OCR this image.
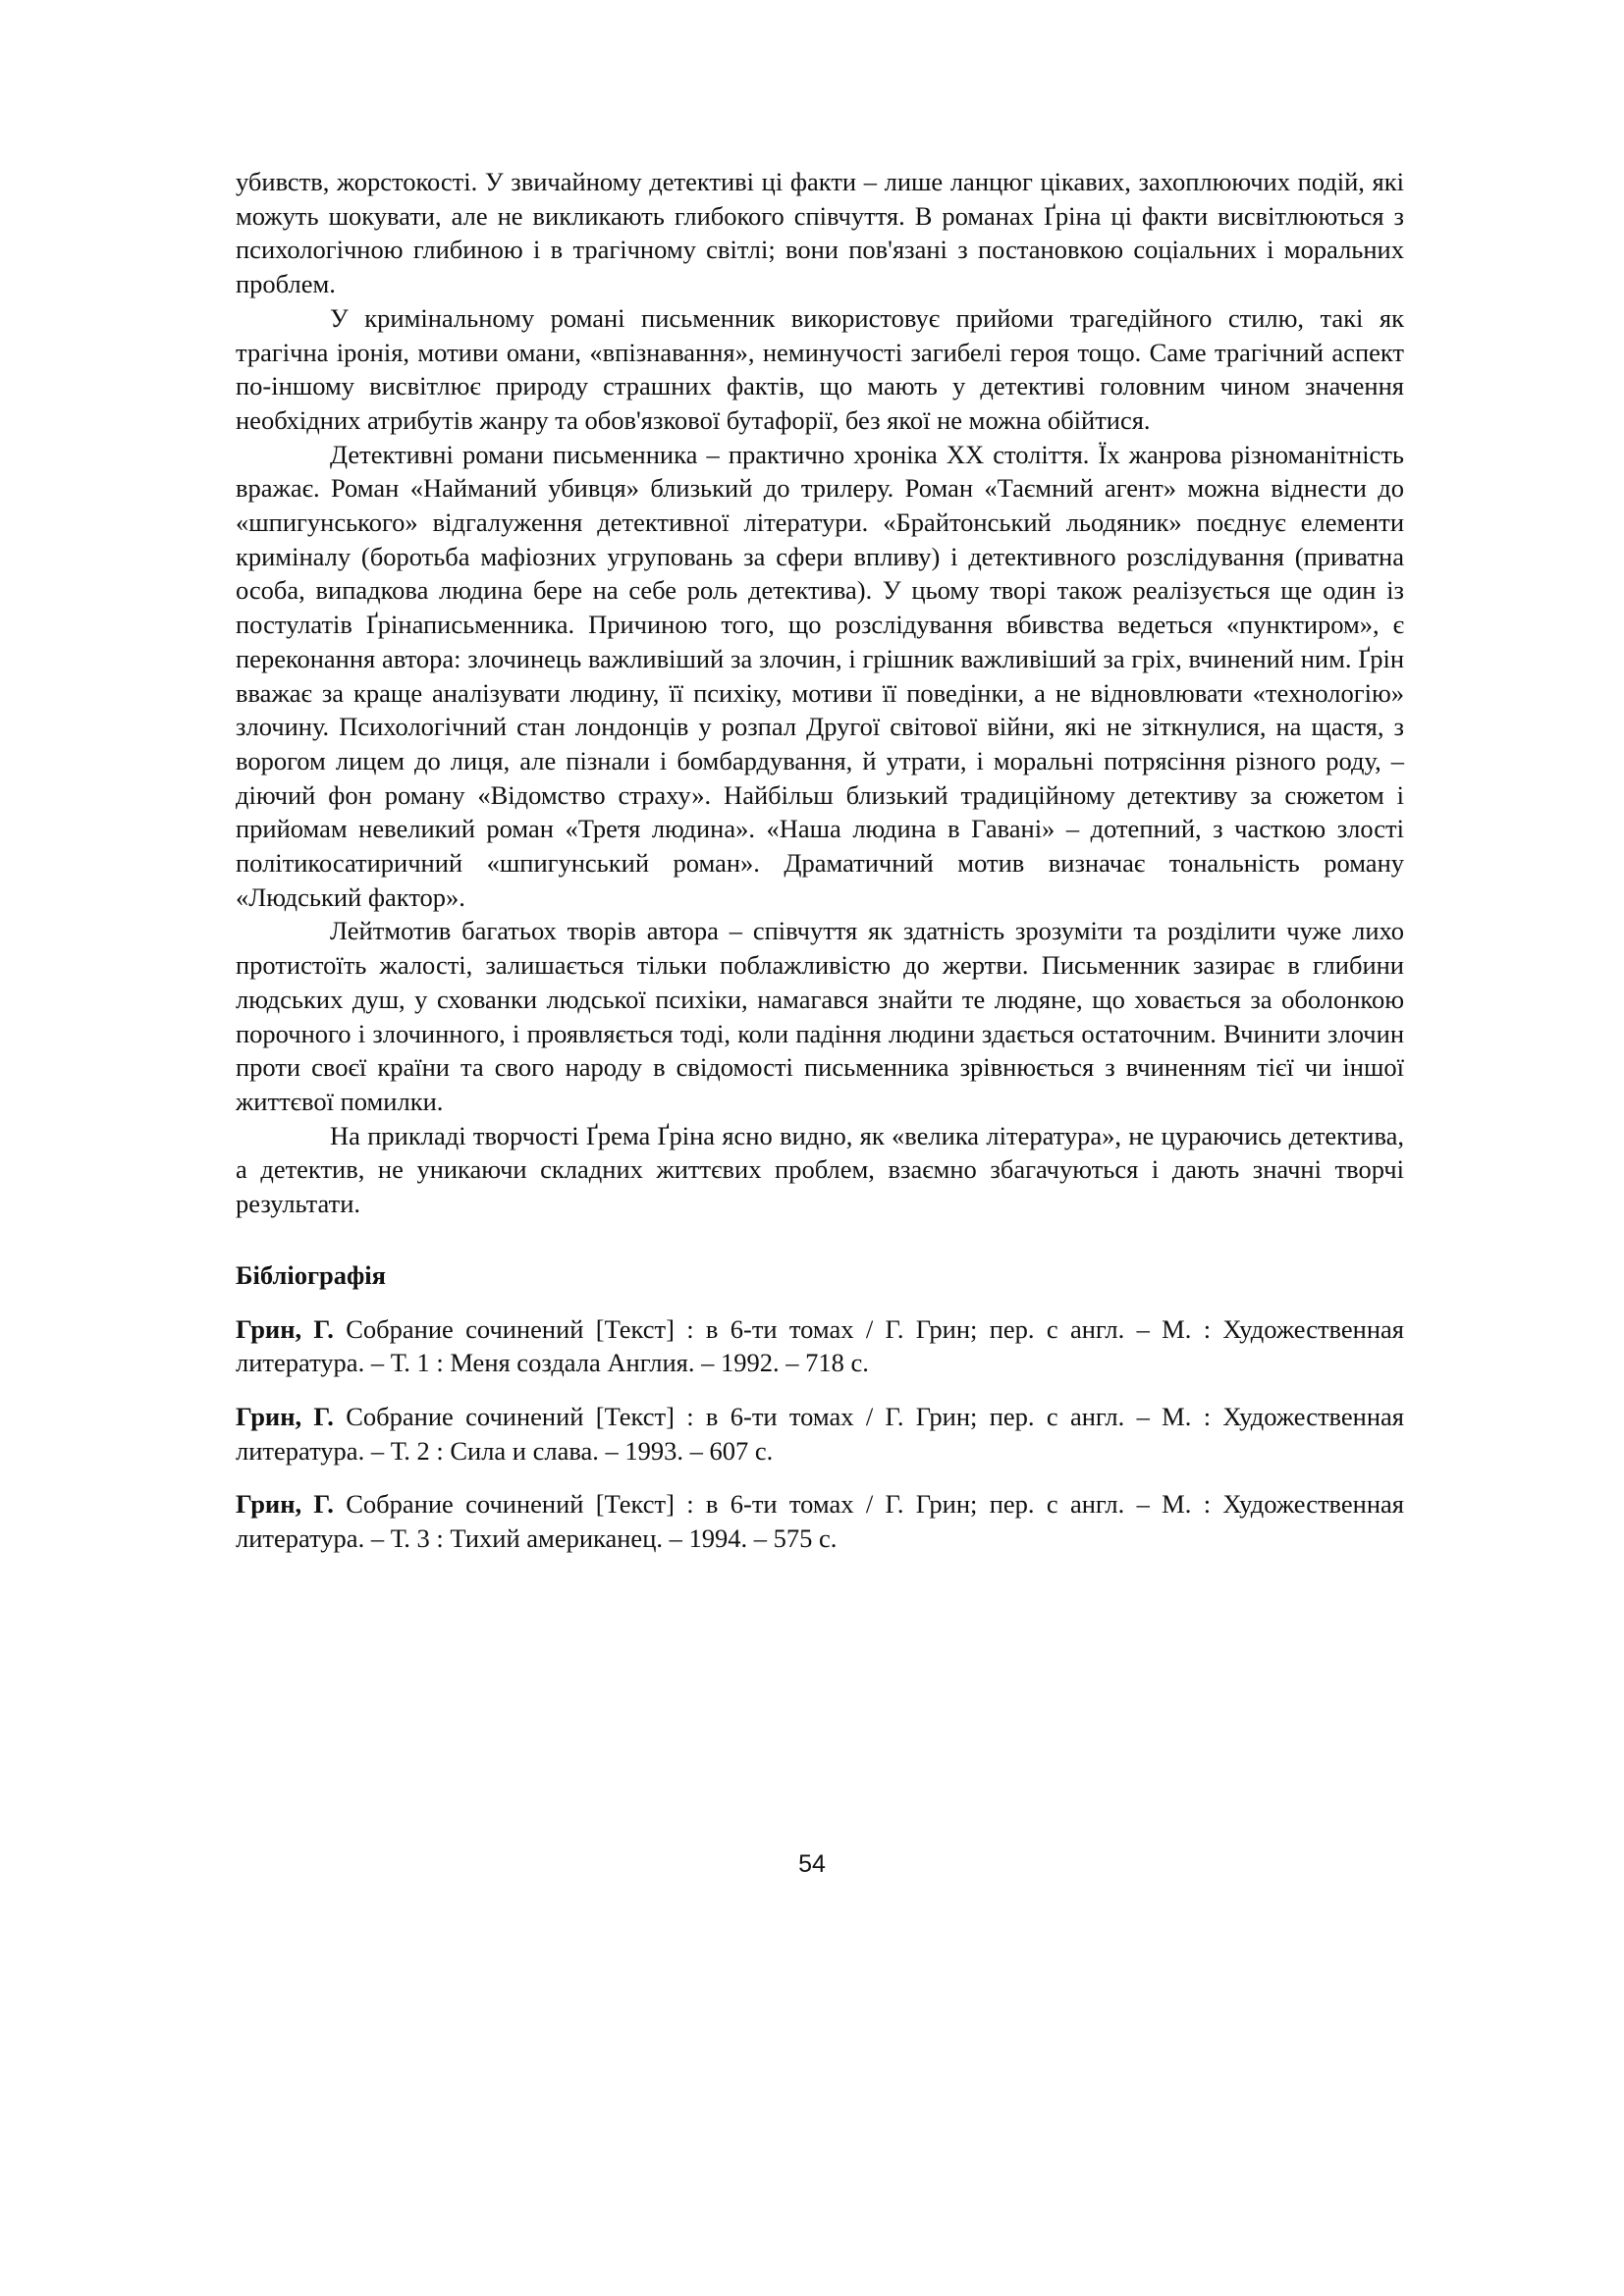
убивств, жорстокості. У звичайному детективі ці факти – лише ланцюг цікавих, захоплюючих подій, які можуть шокувати, але не викликають глибокого співчуття. В романах Ґріна ці факти висвітлюються з психологічною глибиною і в трагічному світлі; вони пов'язані з постановкою соціальних і моральних проблем.

У кримінальному романі письменник використовує прийоми трагедійного стилю, такі як трагічна іронія, мотиви омани, «впізнавання», неминучості загибелі героя тощо. Саме трагічний аспект по-іншому висвітлює природу страшних фактів, що мають у детективі головним чином значення необхідних атрибутів жанру та обов'язкової бутафорії, без якої не можна обійтися.

Детективні романи письменника – практично хроніка XX століття. Їх жанрова різноманітність вражає. Роман «Найманий убивця» близький до трилеру. Роман «Таємний агент» можна віднести до «шпигунського» відгалуження детективної літератури. «Брайтонський льодяник» поєднує елементи криміналу (боротьба мафіозних угруповань за сфери впливу) і детективного розслідування (приватна особа, випадкова людина бере на себе роль детектива). У цьому творі також реалізується ще один із постулатів Ґрінаписьменника. Причиною того, що розслідування вбивства ведеться «пунктиром», є переконання автора: злочинець важливіший за злочин, і грішник важливіший за гріх, вчинений ним. Ґрін вважає за краще аналізувати людину, її психіку, мотиви її поведінки, а не відновлювати «технологію» злочину. Психологічний стан лондонців у розпал Другої світової війни, які не зіткнулися, на щастя, з ворогом лицем до лиця, але пізнали і бомбардування, й утрати, і моральні потрясіння різного роду, – діючий фон роману «Відомство страху». Найбільш близький традиційному детективу за сюжетом і прийомам невеликий роман «Третя людина». «Наша людина в Гавані» – дотепний, з часткою злості політикосатиричний «шпигунський роман». Драматичний мотив визначає тональність роману «Людський фактор».

Лейтмотив багатьох творів автора – співчуття як здатність зрозуміти та розділити чуже лихо протистоїть жалості, залишається тільки поблажливістю до жертви. Письменник зазирає в глибини людських душ, у схованки людської психіки, намагався знайти те людяне, що ховається за оболонкою порочного і злочинного, і проявляється тоді, коли падіння людини здається остаточним. Вчинити злочин проти своєї країни та свого народу в свідомості письменника зрівнюється з вчиненням тієї чи іншої життєвої помилки.

На прикладі творчості Ґрема Ґріна ясно видно, як «велика література», не цураючись детектива, а детектив, не уникаючи складних життєвих проблем, взаємно збагачуються і дають значні творчі результати.

Бібліографія
Грин, Г. Собрание сочинений [Текст] : в 6-ти томах / Г. Грин; пер. с англ. – М. : Художественная литература. – Т. 1 : Меня создала Англия. – 1992. – 718 с.
Грин, Г. Собрание сочинений [Текст] : в 6-ти томах / Г. Грин; пер. с англ. – М. : Художественная литература. – Т. 2 : Сила и слава. – 1993. – 607 с.
Грин, Г. Собрание сочинений [Текст] : в 6-ти томах / Г. Грин; пер. с англ. – М. : Художественная литература. – Т. 3 : Тихий американец. – 1994. – 575 с.
54
